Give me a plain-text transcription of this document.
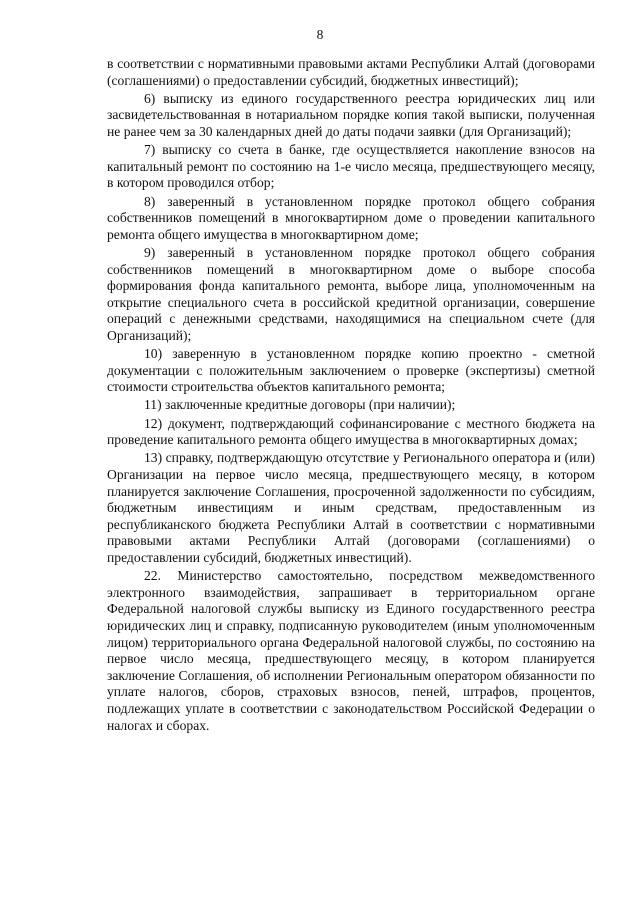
8

в соответствии с нормативными правовыми актами Республики Алтай (договорами (соглашениями) о предоставлении субсидий, бюджетных инвестиций);

6) выписку из единого государственного реестра юридических лиц или засвидетельствованная в нотариальном порядке копия такой выписки, полученная не ранее чем за 30 календарных дней до даты подачи заявки (для Организаций);

7) выписку со счета в банке, где осуществляется накопление взносов на капитальный ремонт по состоянию на 1-е число месяца, предшествующего месяцу, в котором проводился отбор;

8) заверенный в установленном порядке протокол общего собрания собственников помещений в многоквартирном доме о проведении капитального ремонта общего имущества в многоквартирном доме;

9) заверенный в установленном порядке протокол общего собрания собственников помещений в многоквартирном доме о выборе способа формирования фонда капитального ремонта, выборе лица, уполномоченным на открытие специального счета в российской кредитной организации, совершение операций с денежными средствами, находящимися на специальном счете (для Организаций);

10) заверенную в установленном порядке копию проектно - сметной документации с положительным заключением о проверке (экспертизы) сметной стоимости строительства объектов капитального ремонта;

11) заключенные кредитные договоры (при наличии);

12) документ, подтверждающий софинансирование с местного бюджета на проведение капитального ремонта общего имущества в многоквартирных домах;

13) справку, подтверждающую отсутствие у Регионального оператора и (или) Организации на первое число месяца, предшествующего месяцу, в котором планируется заключение Соглашения, просроченной задолженности по субсидиям, бюджетным инвестициям и иным средствам, предоставленным из республиканского бюджета Республики Алтай в соответствии с нормативными правовыми актами Республики Алтай (договорами (соглашениями) о предоставлении субсидий, бюджетных инвестиций).

22. Министерство самостоятельно, посредством межведомственного электронного взаимодействия, запрашивает в территориальном органе Федеральной налоговой службы выписку из Единого государственного реестра юридических лиц и справку, подписанную руководителем (иным уполномоченным лицом) территориального органа Федеральной налоговой службы, по состоянию на первое число месяца, предшествующего месяцу, в котором планируется заключение Соглашения, об исполнении Региональным оператором обязанности по уплате налогов, сборов, страховых взносов, пеней, штрафов, процентов, подлежащих уплате в соответствии с законодательством Российской Федерации о налогах и сборах.
